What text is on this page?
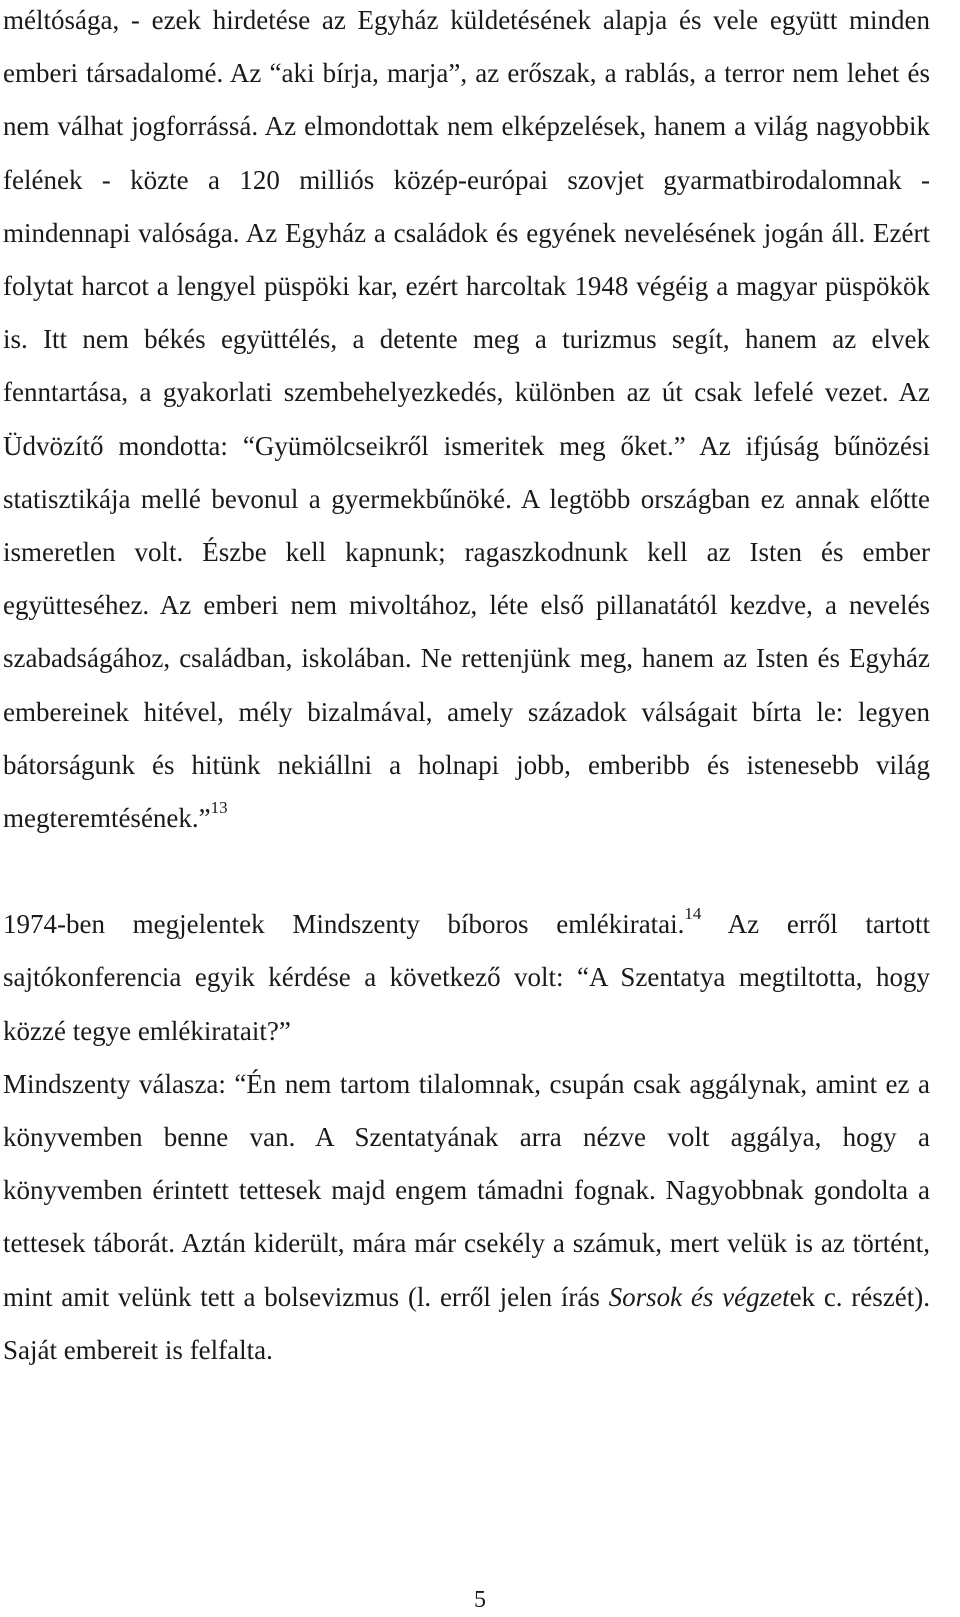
méltósága, - ezek hirdetése az Egyház küldetésének alapja és vele együtt minden emberi társadalomé. Az “aki bírja, marja”, az erőszak, a rablás, a terror nem lehet és nem válhat jogforrássá. Az elmondottak nem elképzelések, hanem a világ nagyobbik felének - közte a 120 milliós közép-európai szovjet gyarmatbirodalomnak - mindennapi valósága. Az Egyház a családok és egyének nevelésének jogán áll. Ezért folytat harcot a lengyel püspöki kar, ezért harcoltak 1948 végéig a magyar püspökök is. Itt nem békés együttélés, a detente meg a turizmus segít, hanem az elvek fenntartása, a gyakorlati szembehelyezkedés, különben az út csak lefelé vezet. Az Üdvözítő mondotta: “Gyümölcseikről ismeritek meg őket.” Az ifjúság bűnözési statisztikája mellé bevonul a gyermekbűnöké. A legtöbb országban ez annak előtte ismeretlen volt. Észbe kell kapnunk; ragaszkodnunk kell az Isten és ember együtteséhez. Az emberi nem mivoltához, léte első pillanatától kezdve, a nevelés szabadságához, családban, iskolában. Ne rettenjünk meg, hanem az Isten és Egyház embereinek hitével, mély bizalmával, amely századok válságait bírta le: legyen bátorságunk és hitünk nekiállni a holnapi jobb, emberibb és istenesebb világ megteremtésének.”$^{13}$

1974-ben megjelentek Mindszenty bíboros emlékiratai.$^{14}$ Az erről tartott sajtókonferencia egyik kérdése a következő volt: “A Szentatya megtiltotta, hogy közzé tegye emlékiratait?”

Mindszenty válasza: “Én nem tartom tilalomnak, csupán csak aggálynak, amint ez a könyvemben benne van. A Szentatyának arra nézve volt aggálya, hogy a könyvemben érintett tettesek majd engem támadni fognak. Nagyobbnak gondolta a tettesek táborát. Aztán kiderült, mára már csekély a számuk, mert velük is az történt, mint amit velünk tett a bolsevizmus (l. erről jelen írás Sorsok és végzetek c. részét). Saját embereit is felfalta.

5
